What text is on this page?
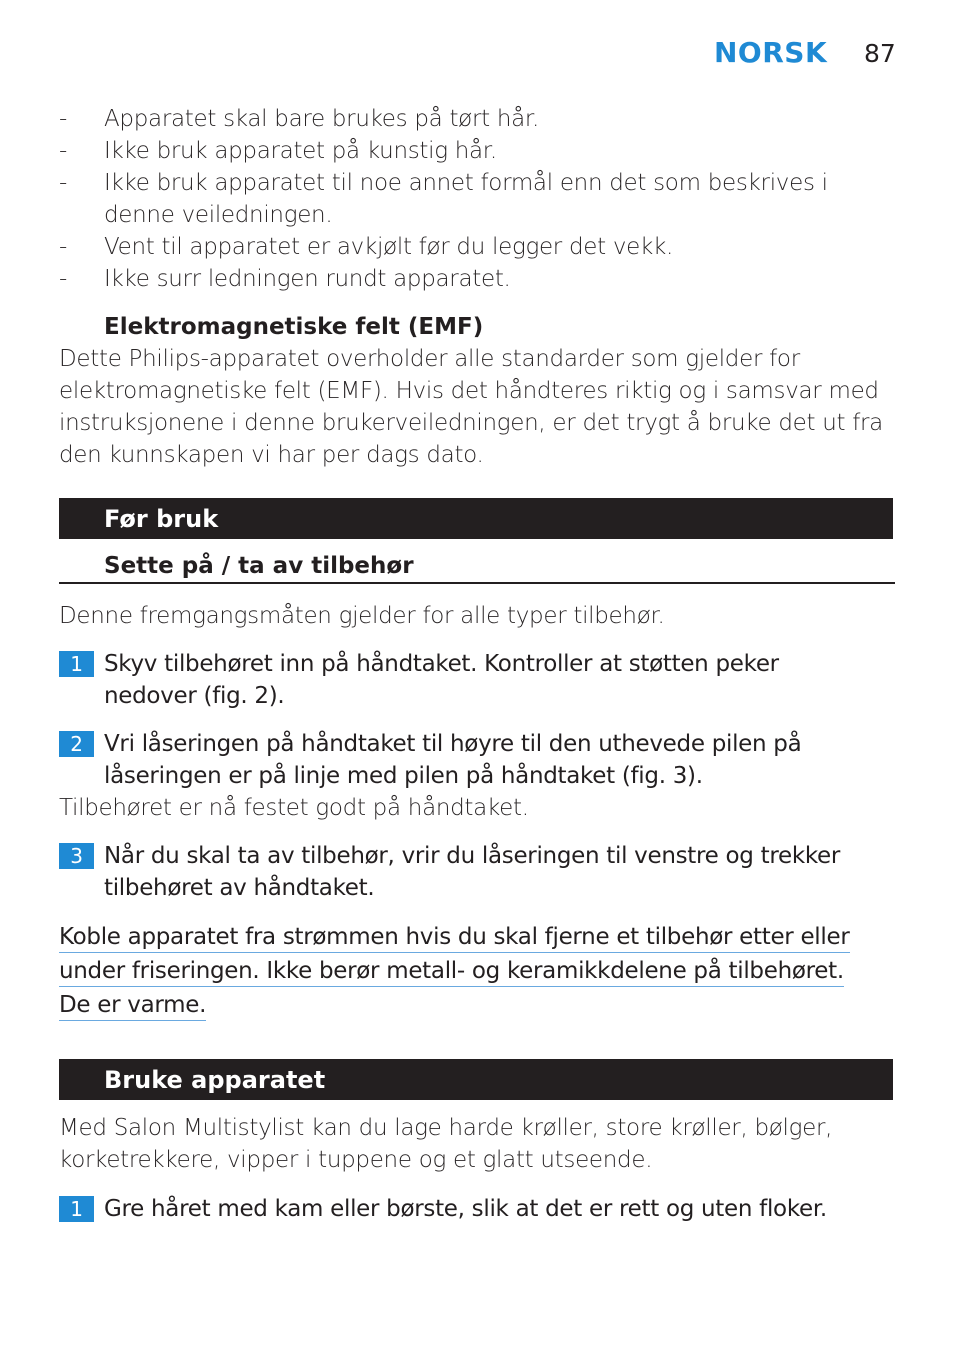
NORSK 87
- Apparatet skal bare brukes på tørt hår.
- Ikke bruk apparatet på kunstig hår.
- Ikke bruk apparatet til noe annet formål enn det som beskrives i denne veiledningen.
- Vent til apparatet er avkjølt før du legger det vekk.
- Ikke surr ledningen rundt apparatet.
Elektromagnetiske felt (EMF)
Dette Philips-apparatet overholder alle standarder som gjelder for elektromagnetiske felt (EMF). Hvis det håndteres riktig og i samsvar med instruksjonene i denne brukerveiledningen, er det trygt å bruke det ut fra den kunnskapen vi har per dags dato.
Før bruk
Sette på / ta av tilbehør
Denne fremgangsmåten gjelder for alle typer tilbehør.
1 Skyv tilbehøret inn på håndtaket. Kontroller at støtten peker nedover (fig. 2).
2 Vri låseringen på håndtaket til høyre til den uthevede pilen på låseringen er på linje med pilen på håndtaket (fig. 3).
Tilbehøret er nå festet godt på håndtaket.
3 Når du skal ta av tilbehør, vrir du låseringen til venstre og trekker tilbehøret av håndtaket.
Koble apparatet fra strømmen hvis du skal fjerne et tilbehør etter eller
under friseringen. Ikke berør metall- og keramikkdelene på tilbehøret.
De er varme.
Bruke apparatet
Med Salon Multistylist kan du lage harde krøller, store krøller, bølger, korketrekkere, vipper i tuppene og et glatt utseende.
1 Gre håret med kam eller børste, slik at det er rett og uten floker.
